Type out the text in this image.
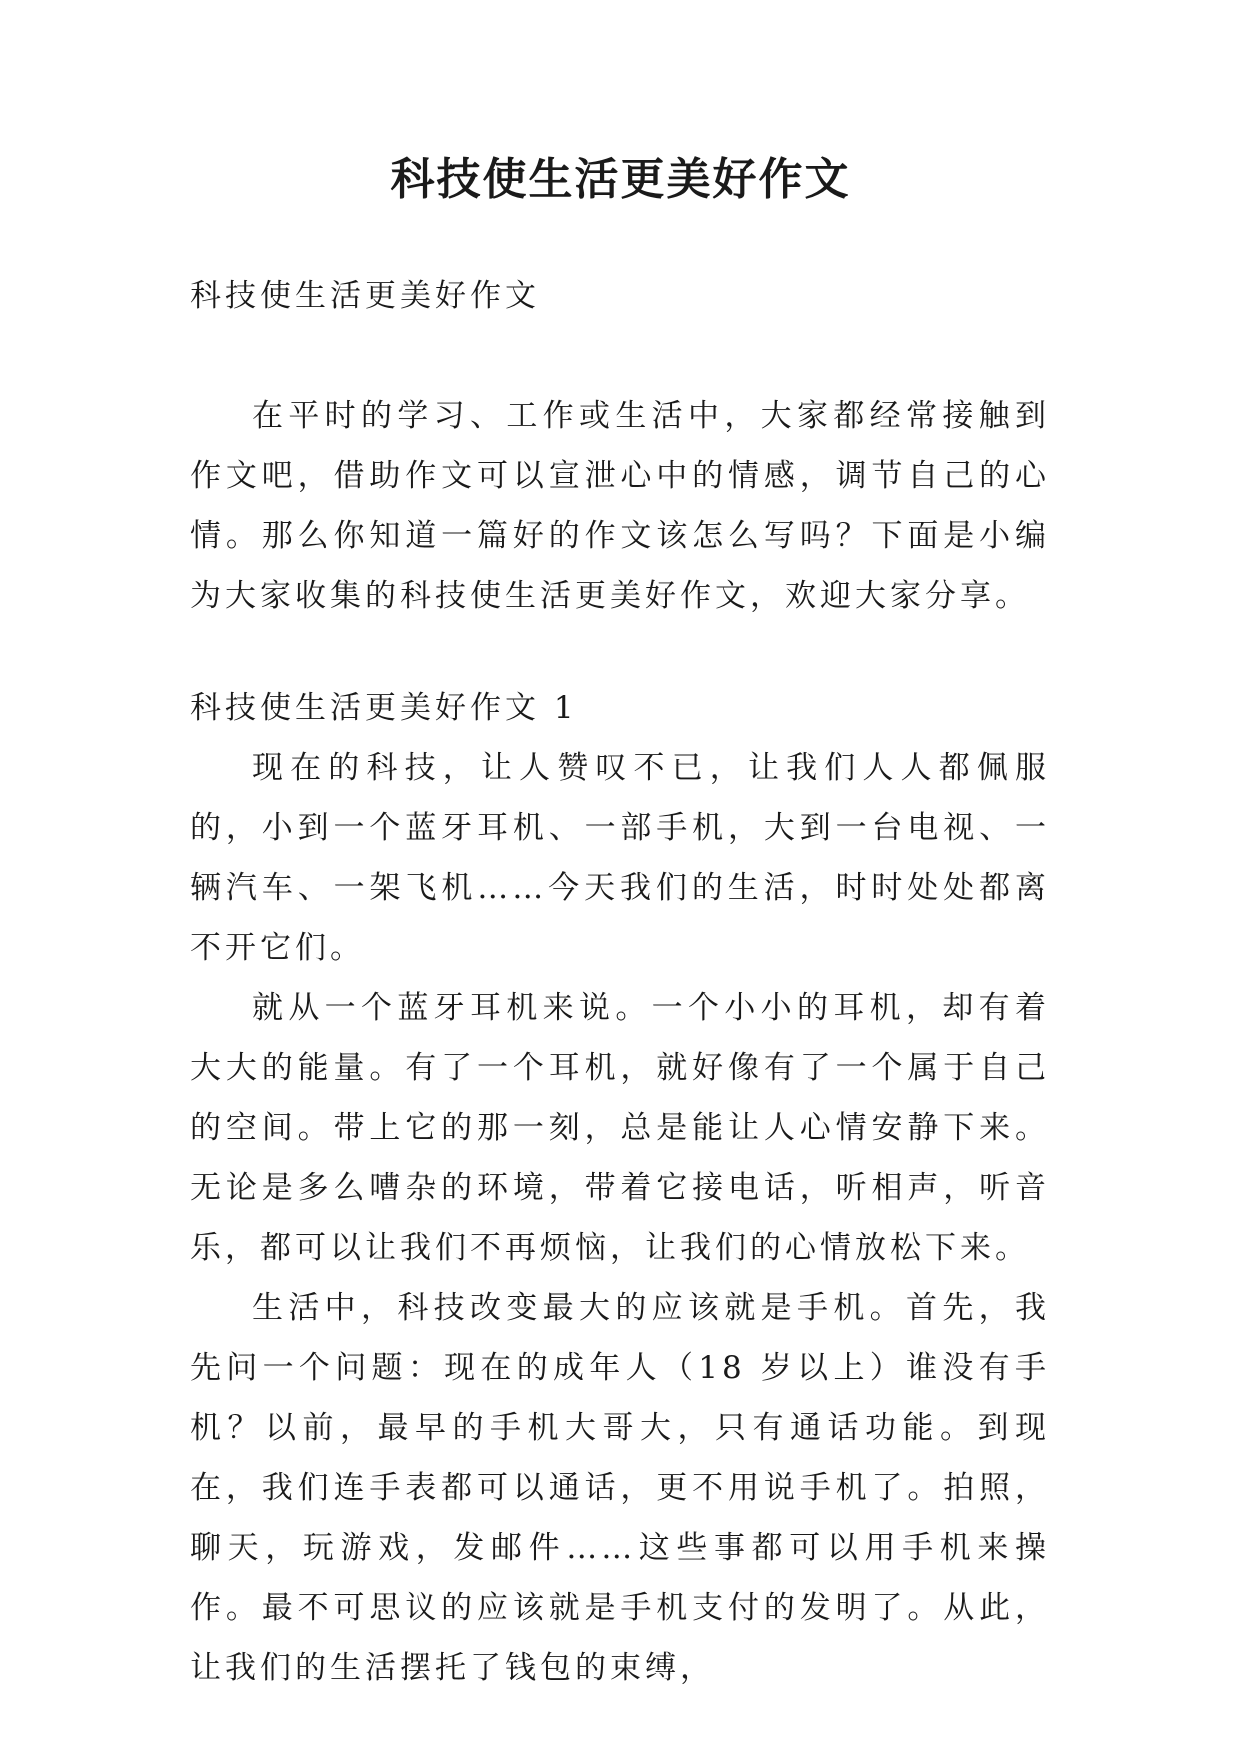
科技使生活更美好作文

科技使生活更美好作文

在平时的学习、工作或生活中，大家都经常接触到作文吧，借助作文可以宣泄心中的情感，调节自己的心情。那么你知道一篇好的作文该怎么写吗？下面是小编为大家收集的科技使生活更美好作文，欢迎大家分享。

科技使生活更美好作文 1

现在的科技，让人赞叹不已，让我们人人都佩服的，小到一个蓝牙耳机、一部手机，大到一台电视、一辆汽车、一架飞机……今天我们的生活，时时处处都离不开它们。

就从一个蓝牙耳机来说。一个小小的耳机，却有着大大的能量。有了一个耳机，就好像有了一个属于自己的空间。带上它的那一刻，总是能让人心情安静下来。无论是多么嘈杂的环境，带着它接电话，听相声，听音乐，都可以让我们不再烦恼，让我们的心情放松下来。

生活中，科技改变最大的应该就是手机。首先，我先问一个问题：现在的成年人（18 岁以上）谁没有手机？以前，最早的手机大哥大，只有通话功能。到现在，我们连手表都可以通话，更不用说手机了。拍照，聊天，玩游戏，发邮件……这些事都可以用手机来操作。最不可思议的应该就是手机支付的发明了。从此，让我们的生活摆托了钱包的束缚，
